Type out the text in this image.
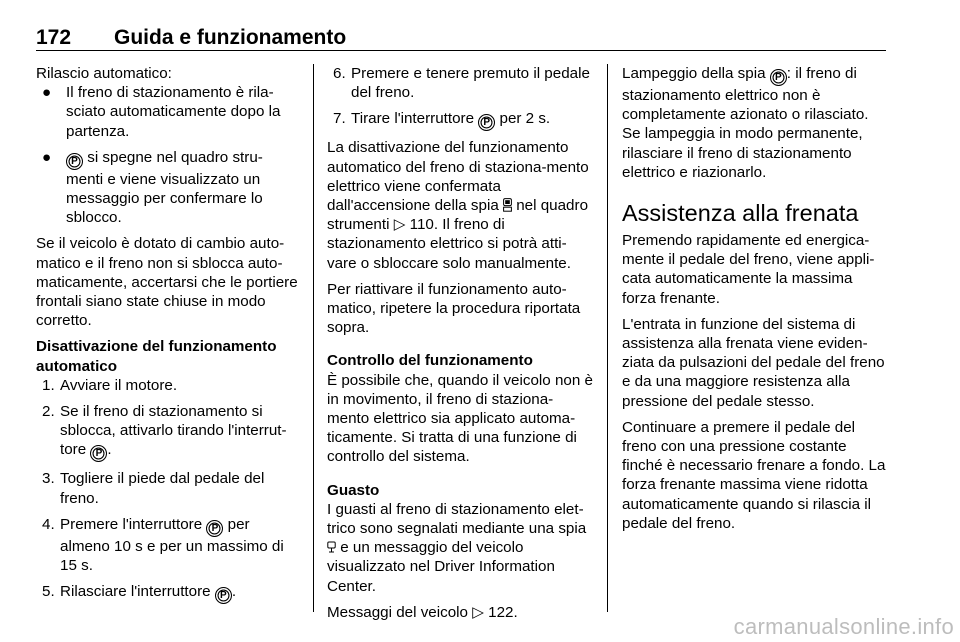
172 Guida e funzionamento

Rilascio automatico:

● Il freno di stazionamento è rila-sciato automaticamente dopo la partenza.
● P si spegne nel quadro stru-menti e viene visualizzato un messaggio per confermare lo sblocco.

Se il veicolo è dotato di cambio auto-matico e il freno non si sblocca auto-maticamente, accertarsi che le portiere frontali siano state chiuse in modo corretto.

Disattivazione del funzionamento automatico
1. Avviare il motore.
2. Se il freno di stazionamento si sblocca, attivarlo tirando l'interrut-tore P .
3. Togliere il piede dal pedale del freno.
4. Premere l'interruttore P per almeno 10 s e per un massimo di 15 s.
5. Rilasciare l'interruttore P .
6. Premere e tenere premuto il pedale del freno.
7. Tirare l'interruttore P per 2 s.

La disattivazione del funzionamento automatico del freno di staziona-mento elettrico viene confermata dall'accensione della spia nel quadro strumenti ▷ 110. Il freno di stazionamento elettrico si potrà atti-vare o sbloccare solo manualmente.

Per riattivare il funzionamento auto-matico, ripetere la procedura riportata sopra.

Controllo del funzionamento

È possibile che, quando il veicolo non è in movimento, il freno di staziona-mento elettrico sia applicato automa-ticamente. Si tratta di una funzione di controllo del sistema.

Guasto

I guasti al freno di stazionamento elet-trico sono segnalati mediante una spia  e un messaggio del veicolo visualizzato nel Driver Information Center.

Messaggi del veicolo ▷ 122.

Lampeggio della spia P : il freno di stazionamento elettrico non è completamente azionato o rilasciato. Se lampeggia in modo permanente, rilasciare il freno di stazionamento elettrico e riazionarlo.

Assistenza alla frenata

Premendo rapidamente ed energica-mente il pedale del freno, viene appli-cata automaticamente la massima forza frenante.

L'entrata in funzione del sistema di assistenza alla frenata viene eviden-ziata da pulsazioni del pedale del freno e da una maggiore resistenza alla pressione del pedale stesso.

Continuare a premere il pedale del freno con una pressione costante finché è necessario frenare a fondo. La forza frenante massima viene ridotta automaticamente quando si rilascia il pedale del freno.

carmanualsonline.info
